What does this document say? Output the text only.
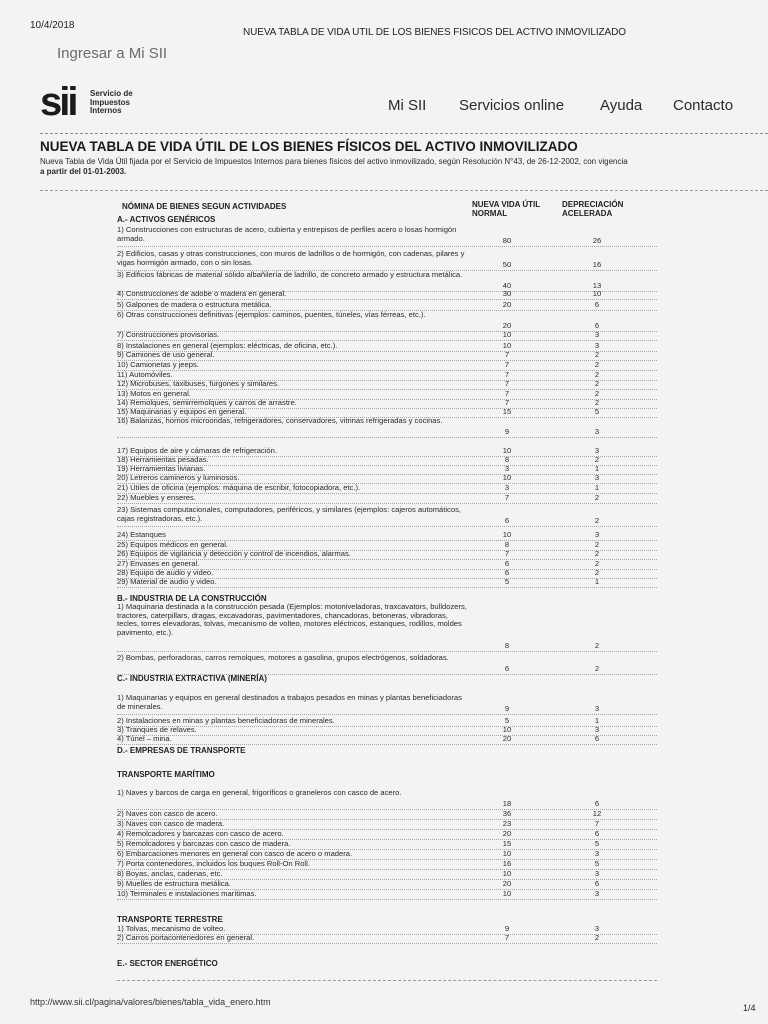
10/4/2018
NUEVA TABLA DE VIDA UTIL DE LOS BIENES FISICOS DEL ACTIVO INMOVILIZADO
Ingresar a Mi SII
sii Servicio de
Impuestos
Internos	Mi SII Servicios online Ayuda Contacto
NUEVA TABLA DE VIDA ÚTIL DE LOS BIENES FÍSICOS DEL ACTIVO INMOVILIZADO
Nueva Tabla de Vida Útil fijada por el Servicio de Impuestos Internos para bienes físicos del activo inmovilizado, según Resolución N°43, de 26-12-2002, con vigencia
a partir del 01-01-2003.
NÓMINA DE BIENES SEGUN ACTIVIDADES	NUEVA VIDA ÚTIL
NORMAL
DEPRECIACIÓN
ACELERADA
A.- ACTIVOS GENÉRICOS
B.- INDUSTRIA DE LA CONSTRUCCIÓN
C.- INDUSTRIA EXTRACTIVA (MINERÍA)
D.- EMPRESAS DE TRANSPORTE
TRANSPORTE MARÍTIMO
TRANSPORTE TERRESTRE
E.- SECTOR ENERGÉTICO
1) Construcciones con estructuras de acero, cubierta y entrepisos de perfiles acero o losas hormigón armado.	80	26
2) Edificios, casas y otras construcciones, con muros de ladrillos o de hormigón, con cadenas, pilares y vigas hormigón armado, con o sin losas.	50	16
3) Edificios fábricas de material sólido albañilería de ladrillo, de concreto armado y estructura metálica.
40	13
4) Construcciones de adobe o madera en general.	30	10
5) Galpones de madera o estructura metálica.	20	6
6) Otras construcciones definitivas (ejemplos: caminos, puentes, túneles, vías férreas, etc.).
20	6
7) Construcciones provisorias.	10	3
8) Instalaciones en general (ejemplos: eléctricas, de oficina, etc.).	10	3
9) Camiones de uso general.	7	2
10) Camionetas y jeeps.	7	2
11) Automóviles.	7	2
12) Microbuses, taxibuses, furgones y similares.	7	2
13) Motos en general.	7	2
14) Remolques, semirremolques y carros de arrastre.	7	2
15) Maquinarias y equipos en general.	15	5
16) Balanzas, hornos microondas, refrigeradores, conservadores, vitrinas refrigeradas y cocinas.
9	3
17) Equipos de aire y cámaras de refrigeración.	10	3
18) Herramientas pesadas.	8	2
19) Herramientas livianas.	3	1
20) Letreros camineros y luminosos.	10	3
21) Útiles de oficina (ejemplos: máquina de escribir, fotocopiadora, etc.).	3	1
22) Muebles y enseres.	7	2
23) Sistemas computacionales, computadores, periféricos, y similares (ejemplos: cajeros automáticos, cajas registradoras, etc.).	6	2
24) Estanques	10	3
25) Equipos médicos en general.	8	2
26) Equipos de vigilancia y detección y control de incendios, alarmas.	7	2
27) Envases en general.	6	2
28) Equipo de audio y video.	6	2
29) Material de audio y video.	5	1
1) Maquinaria destinada a la construcción pesada (Ejemplos: motoniveladoras, traxcavators, bulldozers, tractores, caterpillars, dragas, excavadoras, pavimentadores, chancadoras, betoneras, vibradoras, tecles, torres elevadoras, tolvas, mecanismo de volteo, motores eléctricos, estanques, rodillos, moldes pavimento, etc.).
8	2
2) Bombas, perforadoras, carros remolques, motores a gasolina, grupos electrógenos, soldadoras.
6	2
1) Maquinarias y equipos en general destinados a trabajos pesados en minas y plantas beneficiadoras de minerales.	9	3
2) Instalaciones en minas y plantas beneficiadoras de minerales.	5	1
3) Tranques de relaves.	10	3
4) Túnel – mina.	20	6
1) Naves y barcos de carga en general, frigoríficos o graneleros con casco de acero.
18	6
2) Naves con casco de acero.	36	12
3) Naves con casco de madera.	23	7
4) Remolcadores y barcazas con casco de acero.	20	6
5) Remolcadores y barcazas con casco de madera.	15	5
6) Embarcaciones menores en general con casco de acero o madera.	10	3
7) Porta contenedores, incluidos los buques Roll-On Roll.	16	5
8) Boyas, anclas, cadenas, etc.	10	3
9) Muelles de estructura metálica.	20	6
10) Terminales e instalaciones marítimas.	10	3
1) Tolvas, mecanismo de volteo.	9	3
2) Carros portacontenedores en general.	7	2
http://www.sii.cl/pagina/valores/bienes/tabla_vida_enero.htm
1/4
